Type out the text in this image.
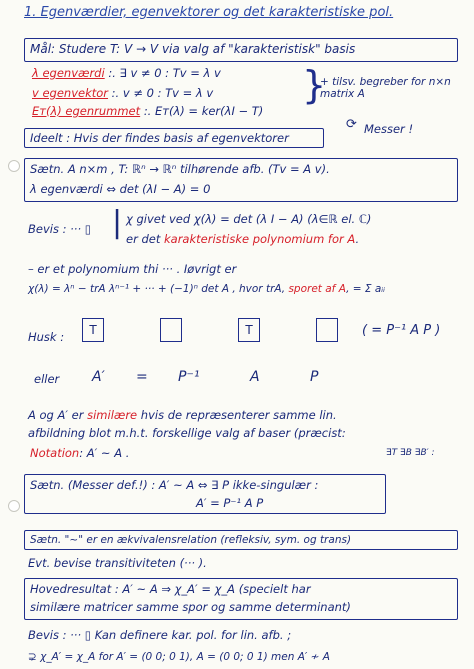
1. Egenværdier, egenvektorer og det karakteristiske pol.
Mål: Studere T: V → V via valg af "karakteristisk" basis
λ egenværdi :. ∃ v ≠ 0 : Tv = λ v
v egenvektor :. v ≠ 0 : Tv = λ v
Eᴛ(λ) egenrummet :. Eᴛ(λ) = ker(λI − T)
}
+ tilsv. begreber for n×n matrix A
⟳ Messer !
Ideelt : Hvis der findes basis af egenvektorer
Sætn. A n×m , T: ℝⁿ → ℝⁿ tilhørende afb. (Tv = A v).
λ egenværdi ⇔ det (λI − A) = 0
Bevis : ··· ▯ | χ givet ved χ(λ) = det (λ I − A) (λ∈ℝ el. ℂ)
er det karakteristiske polynomium for A.
– er et polynomium thi ··· . Iøvrigt er
χ(λ) = λⁿ − trA λⁿ⁻¹ + ··· + (−1)ⁿ det A , hvor trA, sporet af A, = Σ aᵢᵢ
Husk :	T	T	( = P⁻¹ A P )
eller A′ = P⁻¹	A	P
A og A′ er similære hvis de repræsenterer samme lin.
afbildning blot m.h.t. forskellige valg af baser (præcist:
Notation: A′ ~ A .	∃T ∃B ∃B′ :
Sætn. (Messer def.!) : A′ ~ A ⇔ ∃ P ikke-singulær :
A′ = P⁻¹ A P
Sætn. "~" er en ækvivalensrelation (refleksiv, sym. og trans)
Evt. bevise transitiviteten (··· ).
Hovedresultat : A′ ~ A ⇒ χ_A′ = χ_A (specielt har
similære matricer samme spor og samme determinant)
Bevis : ··· ▯ Kan definere kar. pol. for lin. afb. ;
⊋ χ_A′ = χ_A for A′ = (0 0; 0 1), A = (0 0; 0 1) men A′ ≁ A
